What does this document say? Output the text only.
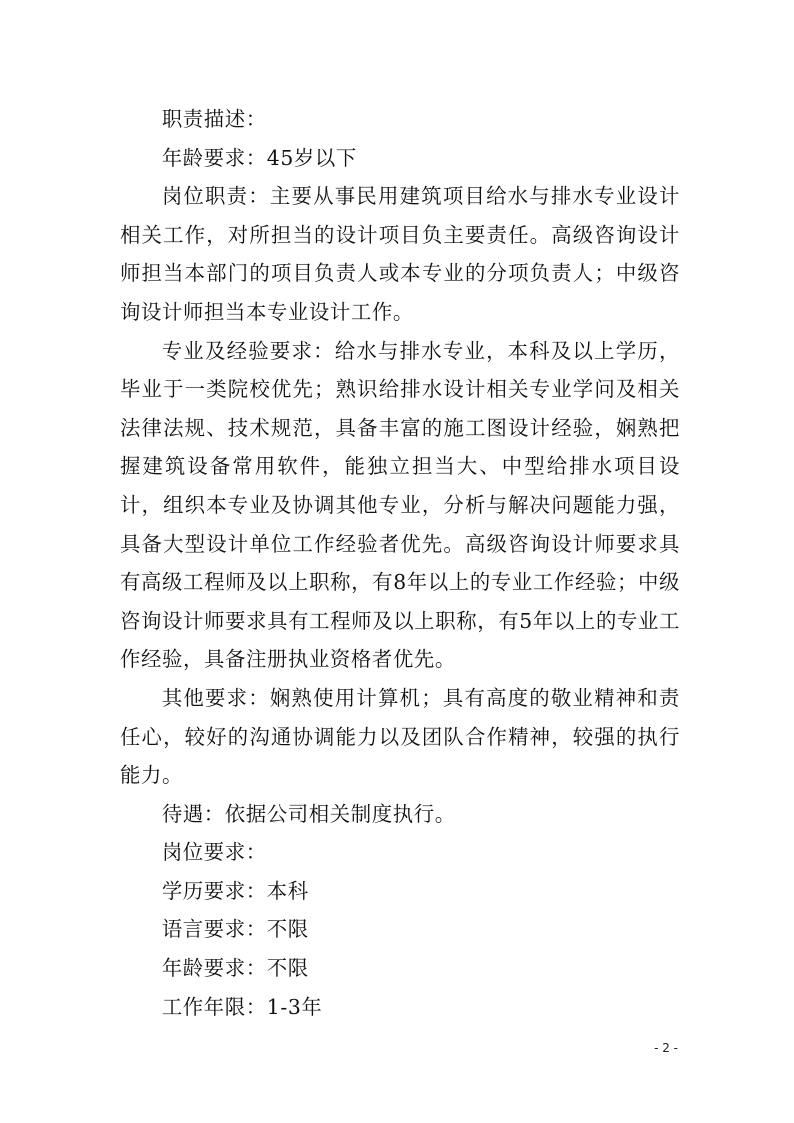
职责描述：

年龄要求：45岁以下

岗位职责：主要从事民用建筑项目给水与排水专业设计相关工作，对所担当的设计项目负主要责任。高级咨询设计师担当本部门的项目负责人或本专业的分项负责人；中级咨询设计师担当本专业设计工作。

专业及经验要求：给水与排水专业，本科及以上学历，毕业于一类院校优先；熟识给排水设计相关专业学问及相关法律法规、技术规范，具备丰富的施工图设计经验，娴熟把握建筑设备常用软件，能独立担当大、中型给排水项目设计，组织本专业及协调其他专业，分析与解决问题能力强，具备大型设计单位工作经验者优先。高级咨询设计师要求具有高级工程师及以上职称，有8年以上的专业工作经验；中级咨询设计师要求具有工程师及以上职称，有5年以上的专业工作经验，具备注册执业资格者优先。

其他要求：娴熟使用计算机；具有高度的敬业精神和责任心，较好的沟通协调能力以及团队合作精神，较强的执行能力。

待遇：依据公司相关制度执行。

岗位要求：

学历要求：本科

语言要求：不限

年龄要求：不限

工作年限：1-3年

- 2 -
